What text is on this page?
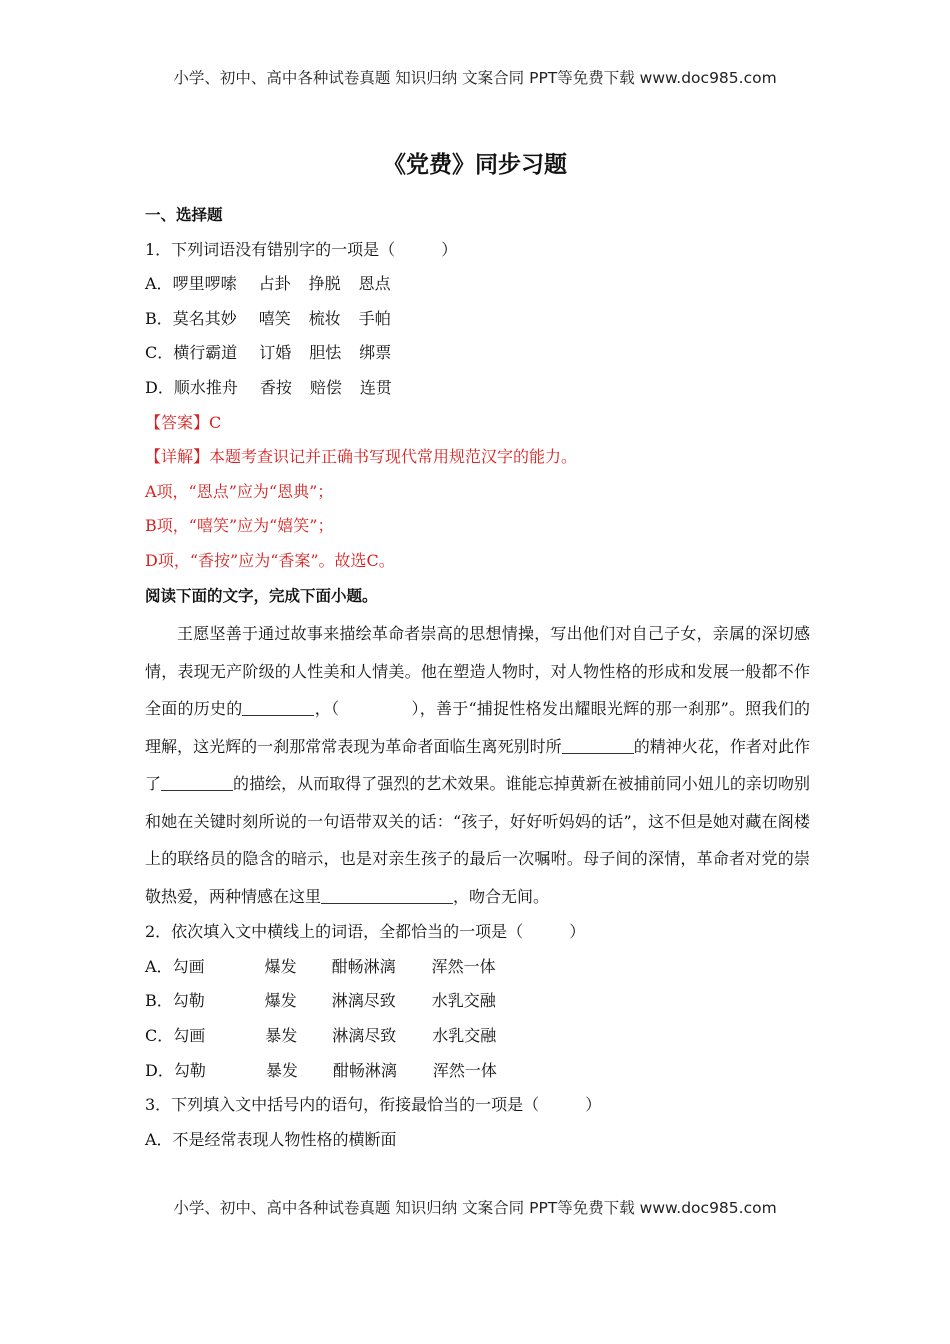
小学、初中、高中各种试卷真题 知识归纳 文案合同 PPT等免费下载 www.doc985.com
《党费》同步习题
一、选择题
1．下列词语没有错别字的一项是（	）
A．啰里啰嗦 占卦 挣脱 恩点
B．莫名其妙 嘻笑 梳妆 手帕
C．横行霸道 订婚 胆怯 绑票
D．顺水推舟 香按 赔偿 连贯
【答案】C
【详解】本题考查识记并正确书写现代常用规范汉字的能力。
A项，“恩点”应为“恩典”；
B项，“嘻笑”应为“嬉笑”；
D项，“香按”应为“香案”。故选C。
阅读下面的文字，完成下面小题。
王愿坚善于通过故事来描绘革命者崇高的思想情操，写出他们对自己子女，亲属的深切感情，表现无产阶级的人性美和人情美。他在塑造人物时，对人物性格的形成和发展一般都不作全面的历史的	，（	），善于“捕捉性格发出耀眼光辉的那一刹那”。照我们的理解，这光辉的一刹那常常表现为革命者面临生离死别时所	的精神火花，作者对此作了	的描绘，从而取得了强烈的艺术效果。谁能忘掉黄新在被捕前同小妞儿的亲切吻别和她在关键时刻所说的一句语带双关的话：“孩子，好好听妈妈的话”，这不但是她对藏在阁楼上的联络员的隐含的暗示，也是对亲生孩子的最后一次嘱咐。母子间的深情，革命者对党的崇敬热爱，两种情感在这里	，吻合无间。
2．依次填入文中横线上的词语，全都恰当的一项是（	）
A．勾画	爆发 酣畅淋漓 浑然一体
B．勾勒	爆发 淋漓尽致 水乳交融
C．勾画	暴发 淋漓尽致 水乳交融
D．勾勒	暴发 酣畅淋漓 浑然一体
3．下列填入文中括号内的语句，衔接最恰当的一项是（	）
A．不是经常表现人物性格的横断面
小学、初中、高中各种试卷真题 知识归纳 文案合同 PPT等免费下载 www.doc985.com
